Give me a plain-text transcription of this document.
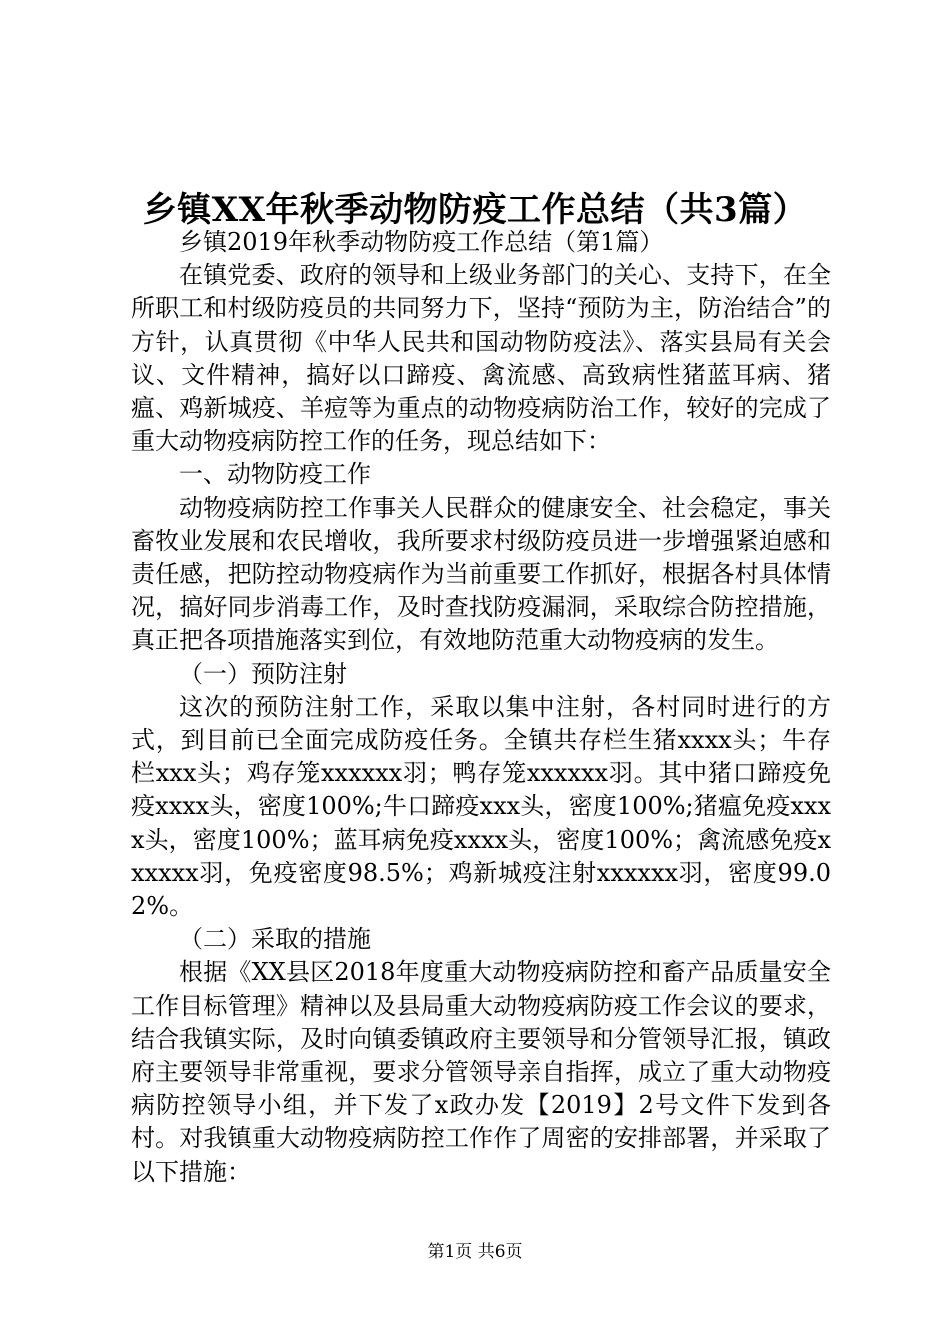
乡镇XX年秋季动物防疫工作总结（共3篇）

乡镇2019年秋季动物防疫工作总结（第1篇）

在镇党委、政府的领导和上级业务部门的关心、支持下，在全所职工和村级防疫员的共同努力下，坚持“预防为主，防治结合”的方针，认真贯彻《中华人民共和国动物防疫法》、落实县局有关会议、文件精神，搞好以口蹄疫、禽流感、高致病性猪蓝耳病、猪瘟、鸡新城疫、羊痘等为重点的动物疫病防治工作，较好的完成了重大动物疫病防控工作的任务，现总结如下：

一、动物防疫工作

动物疫病防控工作事关人民群众的健康安全、社会稳定，事关畜牧业发展和农民增收，我所要求村级防疫员进一步增强紧迫感和责任感，把防控动物疫病作为当前重要工作抓好，根据各村具体情况，搞好同步消毒工作，及时查找防疫漏洞，采取综合防控措施，真正把各项措施落实到位，有效地防范重大动物疫病的发生。

（一）预防注射

这次的预防注射工作，采取以集中注射，各村同时进行的方式，到目前已全面完成防疫任务。全镇共存栏生猪xxxx头；牛存栏xxx头；鸡存笼xxxxxx羽；鸭存笼xxxxxx羽。其中猪口蹄疫免疫xxxx头，密度100%;牛口蹄疫xxx头，密度100%;猪瘟免疫xxxx头，密度100%；蓝耳病免疫xxxx头，密度100%；禽流感免疫xxxxxx羽，免疫密度98.5%；鸡新城疫注射xxxxxx羽，密度99.02%。

（二）采取的措施

根据《XX县区2018年度重大动物疫病防控和畜产品质量安全工作目标管理》精神以及县局重大动物疫病防疫工作会议的要求，结合我镇实际，及时向镇委镇政府主要领导和分管领导汇报，镇政府主要领导非常重视，要求分管领导亲自指挥，成立了重大动物疫病防控领导小组，并下发了x政办发【2019】2号文件下发到各村。对我镇重大动物疫病防控工作作了周密的安排部署，并采取了以下措施：

第1页 共6页
